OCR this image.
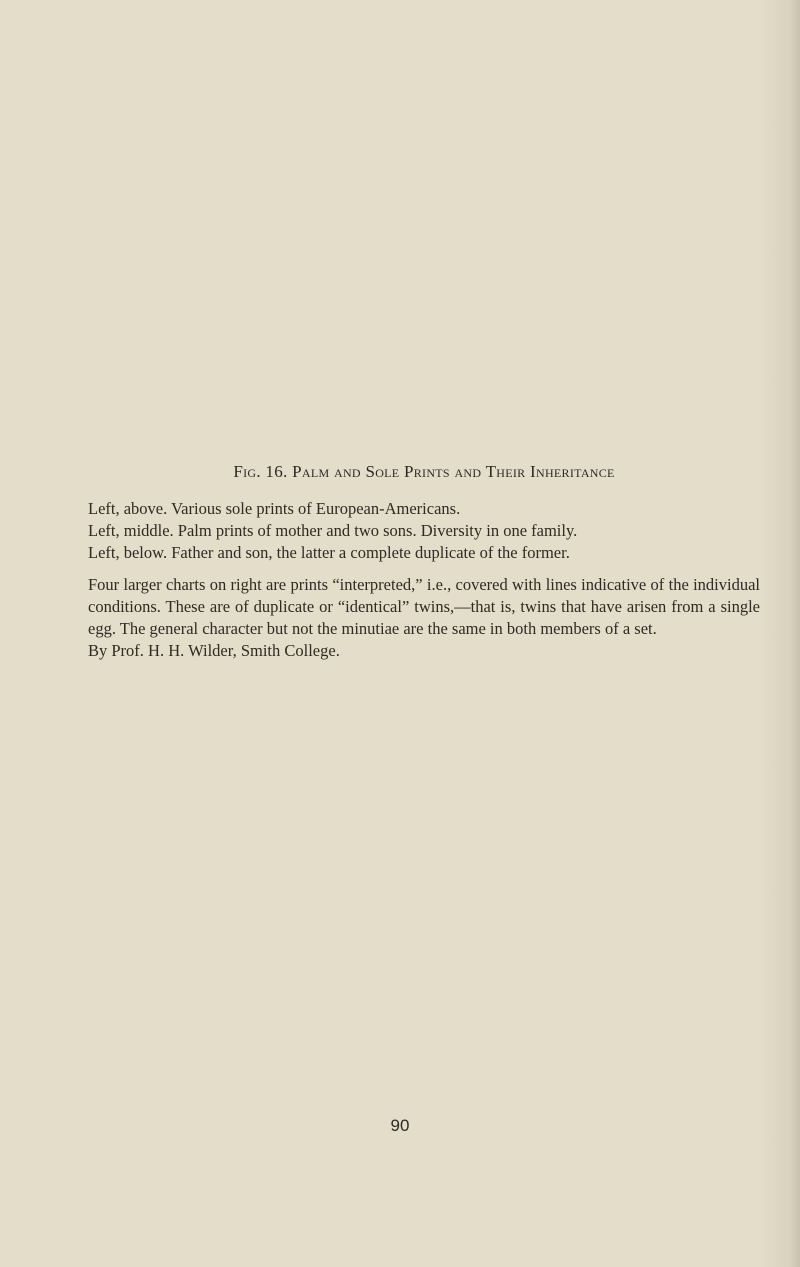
Fig. 16. Palm and Sole Prints and Their Inheritance

Left, above. Various sole prints of European-Americans.

Left, middle. Palm prints of mother and two sons. Diversity in one family.

Left, below. Father and son, the latter a complete duplicate of the former.

Four larger charts on right are prints “interpreted,” i.e., covered with lines indicative of the individual conditions. These are of duplicate or “identical” twins,—that is, twins that have arisen from a single egg. The general character but not the minutiae are the same in both members of a set.

By Prof. H. H. Wilder, Smith College.

90
